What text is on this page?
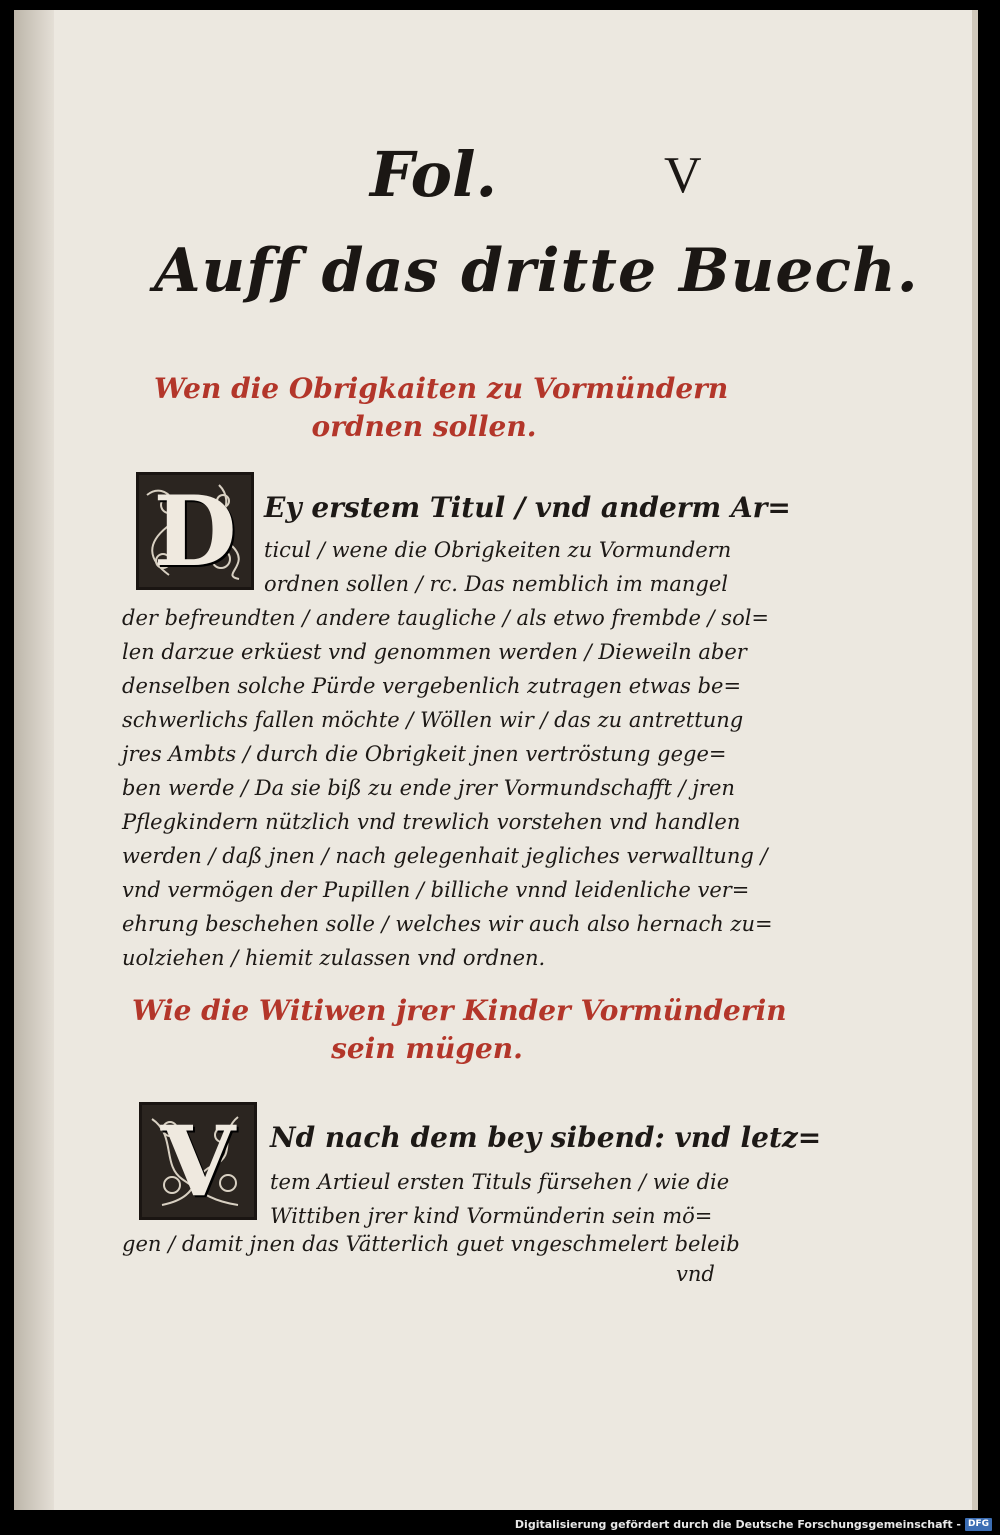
Fol.	V
Auff das dritte Buech.
Wen die Obrigkaiten zu Vormündern
ordnen sollen.
D Ey erstem Titul / vnd anderm Ar=
ticul / wene die Obrigkeiten zu Vormundern
ordnen sollen / rc. Das nemblich im mangel
der befreundten / andere taugliche / als etwo frembde / sol=
len darzue erküest vnd genommen werden / Dieweiln aber
denselben solche Pürde vergebenlich zutragen etwas be=
schwerlichs fallen möchte / Wöllen wir / das zu antrettung
jres Ambts / durch die Obrigkeit jnen vertröstung gege=
ben werde / Da sie biß zu ende jrer Vormundschafft / jren
Pflegkindern nützlich vnd trewlich vorstehen vnd handlen
werden / daß jnen / nach gelegenhait jegliches verwalltung /
vnd vermögen der Pupillen / billiche vnnd leidenliche ver=
ehrung beschehen solle / welches wir auch also hernach zu=
uolziehen / hiemit zulassen vnd ordnen.
Wie die Witiwen jrer Kinder Vormünderin
sein mügen.
V Nd nach dem bey sibend: vnd letz=
tem Artieul ersten Tituls fürsehen / wie die
Wittiben jrer kind Vormünderin sein mö=
gen / damit jnen das Vätterlich guet vngeschmelert beleib
vnd
Digitalisierung gefördert durch die Deutsche Forschungsgemeinschaft - DFG
